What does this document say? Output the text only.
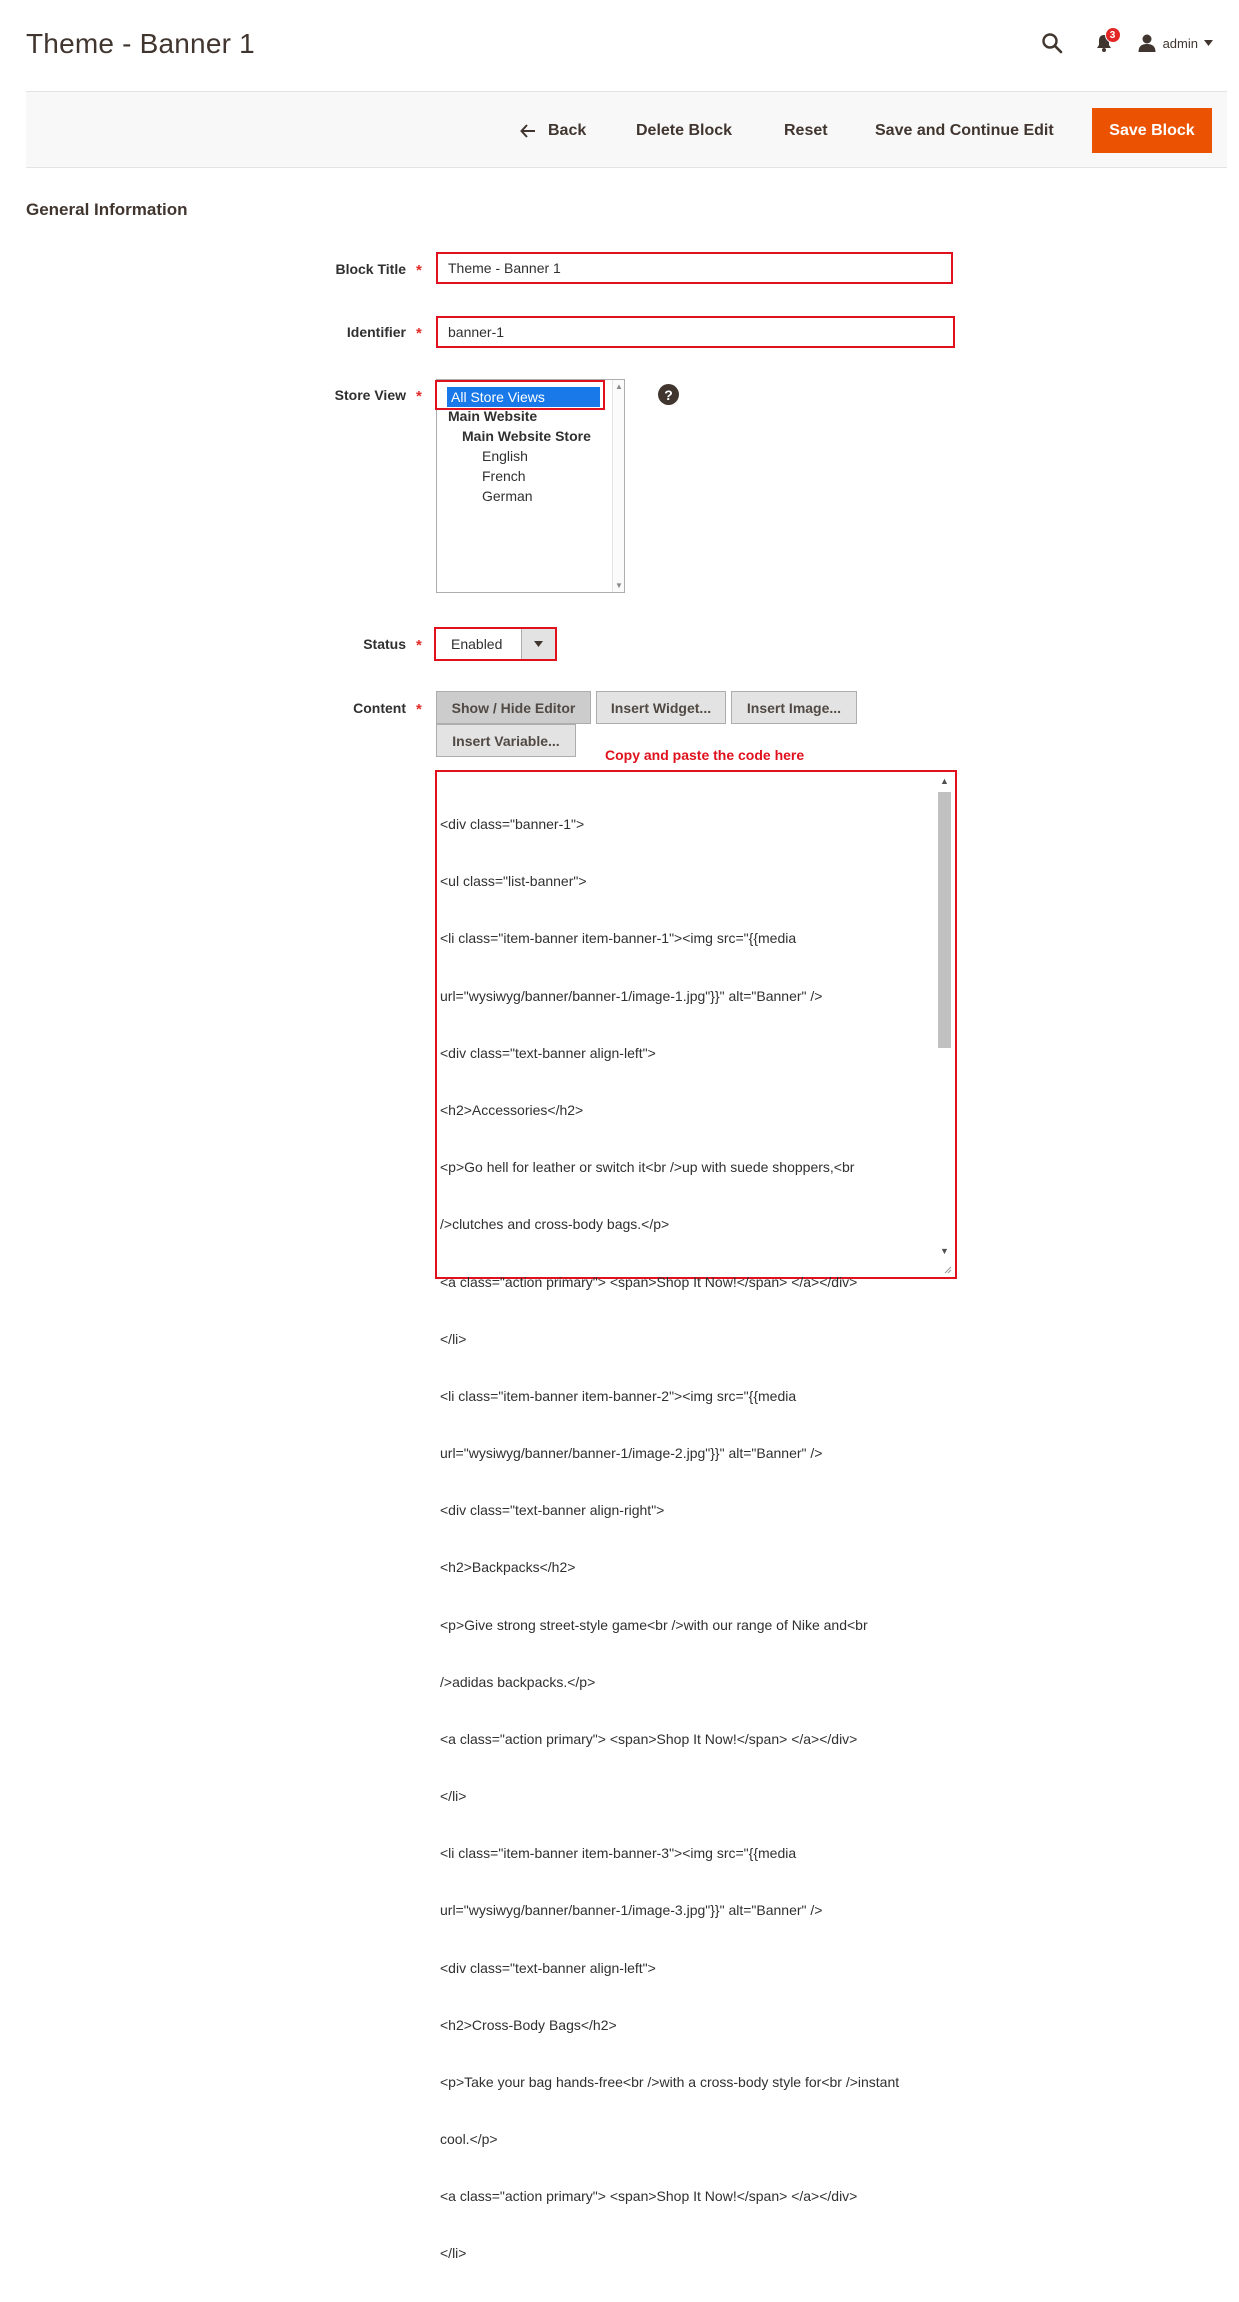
Theme - Banner 1	3
admin
Back	Delete Block	Reset	Save and Continue Edit	Save Block
General Information
Block Title *	Theme - Banner 1
Identifier *	banner-1
Store View * All Store Views
Main Website
Main Website Store
English
French
German
▲
▼
?
Status *	Enabled
Content *	Show / Hide Editor	Insert Widget...	Insert Image...
Insert Variable...
Copy and paste the code here

<div class="banner-1">

<ul class="list-banner">

<li class="item-banner item-banner-1"><img src="{{media

url="wysiwyg/banner/banner-1/image-1.jpg"}}" alt="Banner" />

<div class="text-banner align-left">

<h2>Accessories</h2>

<p>Go hell for leather or switch it<br />up with suede shoppers,<br

/>clutches and cross-body bags.</p>

<a class="action primary"> <span>Shop It Now!</span> </a></div>

</li>

<li class="item-banner item-banner-2"><img src="{{media

url="wysiwyg/banner/banner-1/image-2.jpg"}}" alt="Banner" />

<div class="text-banner align-right">

<h2>Backpacks</h2>

<p>Give strong street-style game<br />with our range of Nike and<br

/>adidas backpacks.</p>

<a class="action primary"> <span>Shop It Now!</span> </a></div>

</li>

<li class="item-banner item-banner-3"><img src="{{media

url="wysiwyg/banner/banner-1/image-3.jpg"}}" alt="Banner" />

<div class="text-banner align-left">

<h2>Cross-Body Bags</h2>

<p>Take your bag hands-free<br />with a cross-body style for<br />instant

cool.</p>

<a class="action primary"> <span>Shop It Now!</span> </a></div>

</li>

▲
▼
